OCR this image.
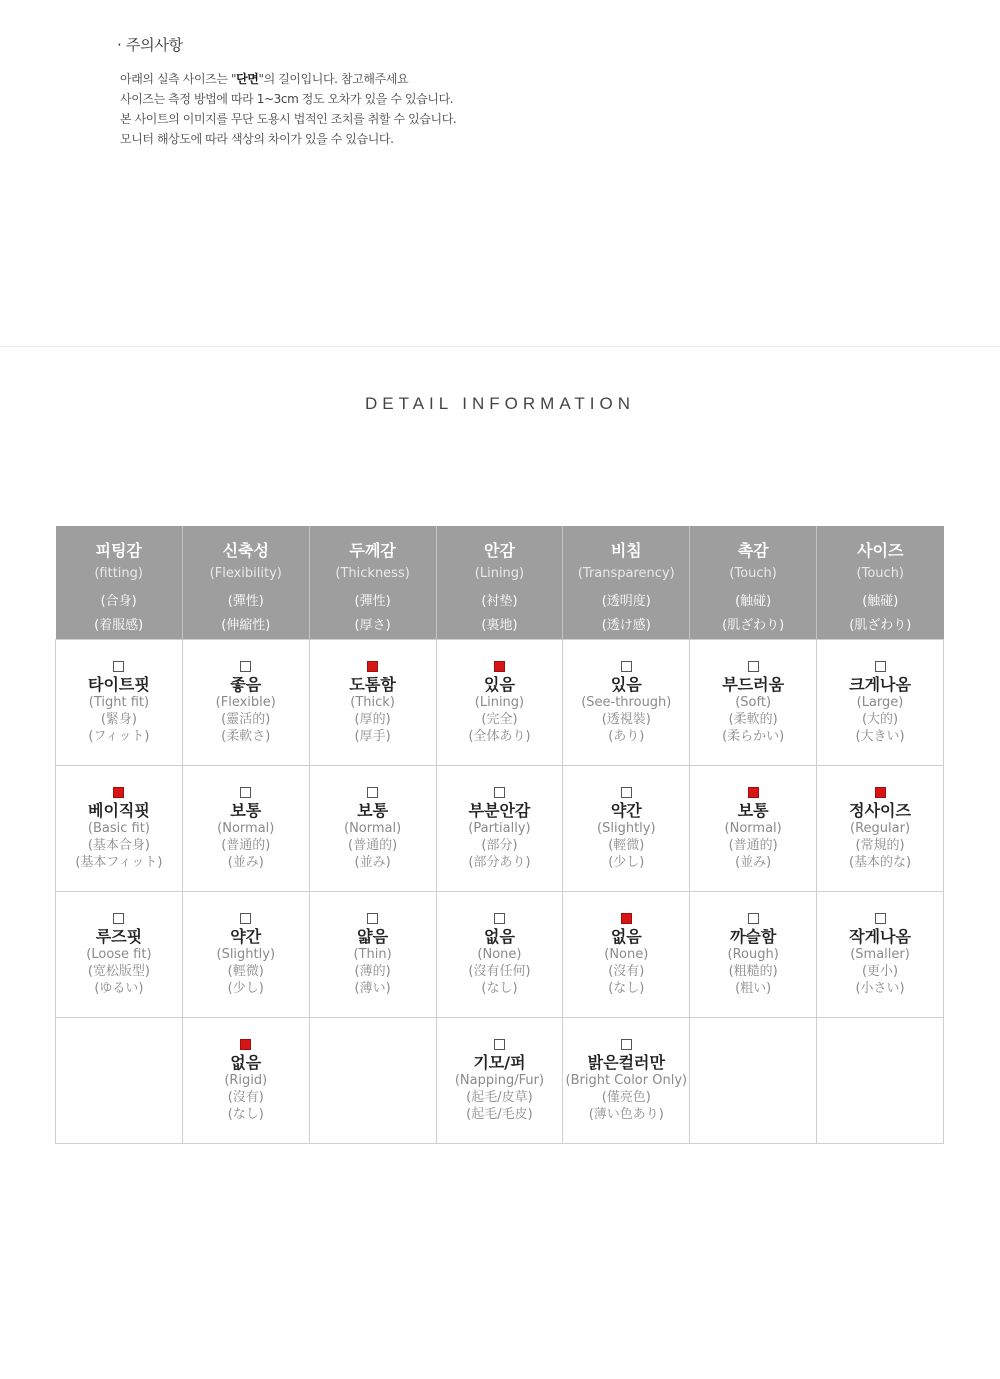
· 주의사항
아래의 실측 사이즈는 "단면"의 길이입니다. 참고해주세요
사이즈는 측정 방법에 따라 1~3cm 정도 오차가 있을 수 있습니다.
본 사이트의 이미지를 무단 도용시 법적인 조치를 취할 수 있습니다.
모니터 해상도에 따라 색상의 차이가 있을 수 있습니다.
DETAIL INFORMATION
피팅감
(fitting)
(合身)
(着服感)	신축성
(Flexibility)
(彈性)
(伸縮性)	두께감
(Thickness)
(彈性)
(厚さ)	안감
(Lining)
(衬垫)
(裏地)	비침
(Transparency)
(透明度)
(透け感)	촉감
(Touch)
(触碰)
(肌ざわり)	사이즈
(Touch)
(触碰)
(肌ざわり)

타이트핏
(Tight fit)
(緊身)
(フィット)	좋음
(Flexible)
(靈活的)
(柔軟さ)	도톰함
(Thick)
(厚的)
(厚手)	있음
(Lining)
(完全)
(全体あり)	있음
(See-through)
(透視裝)
(あり)	부드러움
(Soft)
(柔軟的)
(柔らかい)	크게나옴
(Large)
(大的)
(大きい)

베이직핏
(Basic fit)
(基本合身)
(基本フィット)	보통
(Normal)
(普通的)
(並み)	보통
(Normal)
(普通的)
(並み)	부분안감
(Partially)
(部分)
(部分あり)	약간
(Slightly)
(輕微)
(少し)	보통
(Normal)
(普通的)
(並み)	정사이즈
(Regular)
(常規的)
(基本的な)

루즈핏
(Loose fit)
(宽松版型)
(ゆるい)	약간
(Slightly)
(輕微)
(少し)	얇음
(Thin)
(薄的)
(薄い)	없음
(None)
(沒有任何)
(なし)	없음
(None)
(沒有)
(なし)	까슬함
(Rough)
(粗糙的)
(粗い)	작게나옴
(Smaller)
(更小)
(小さい)

	없음
(Rigid)
(沒有)
(なし)		기모/퍼
(Napping/Fur)
(起毛/皮草)
(起毛/毛皮)	밝은컬러만
(Bright Color Only)
(僅亮色)
(薄い色あり)		
